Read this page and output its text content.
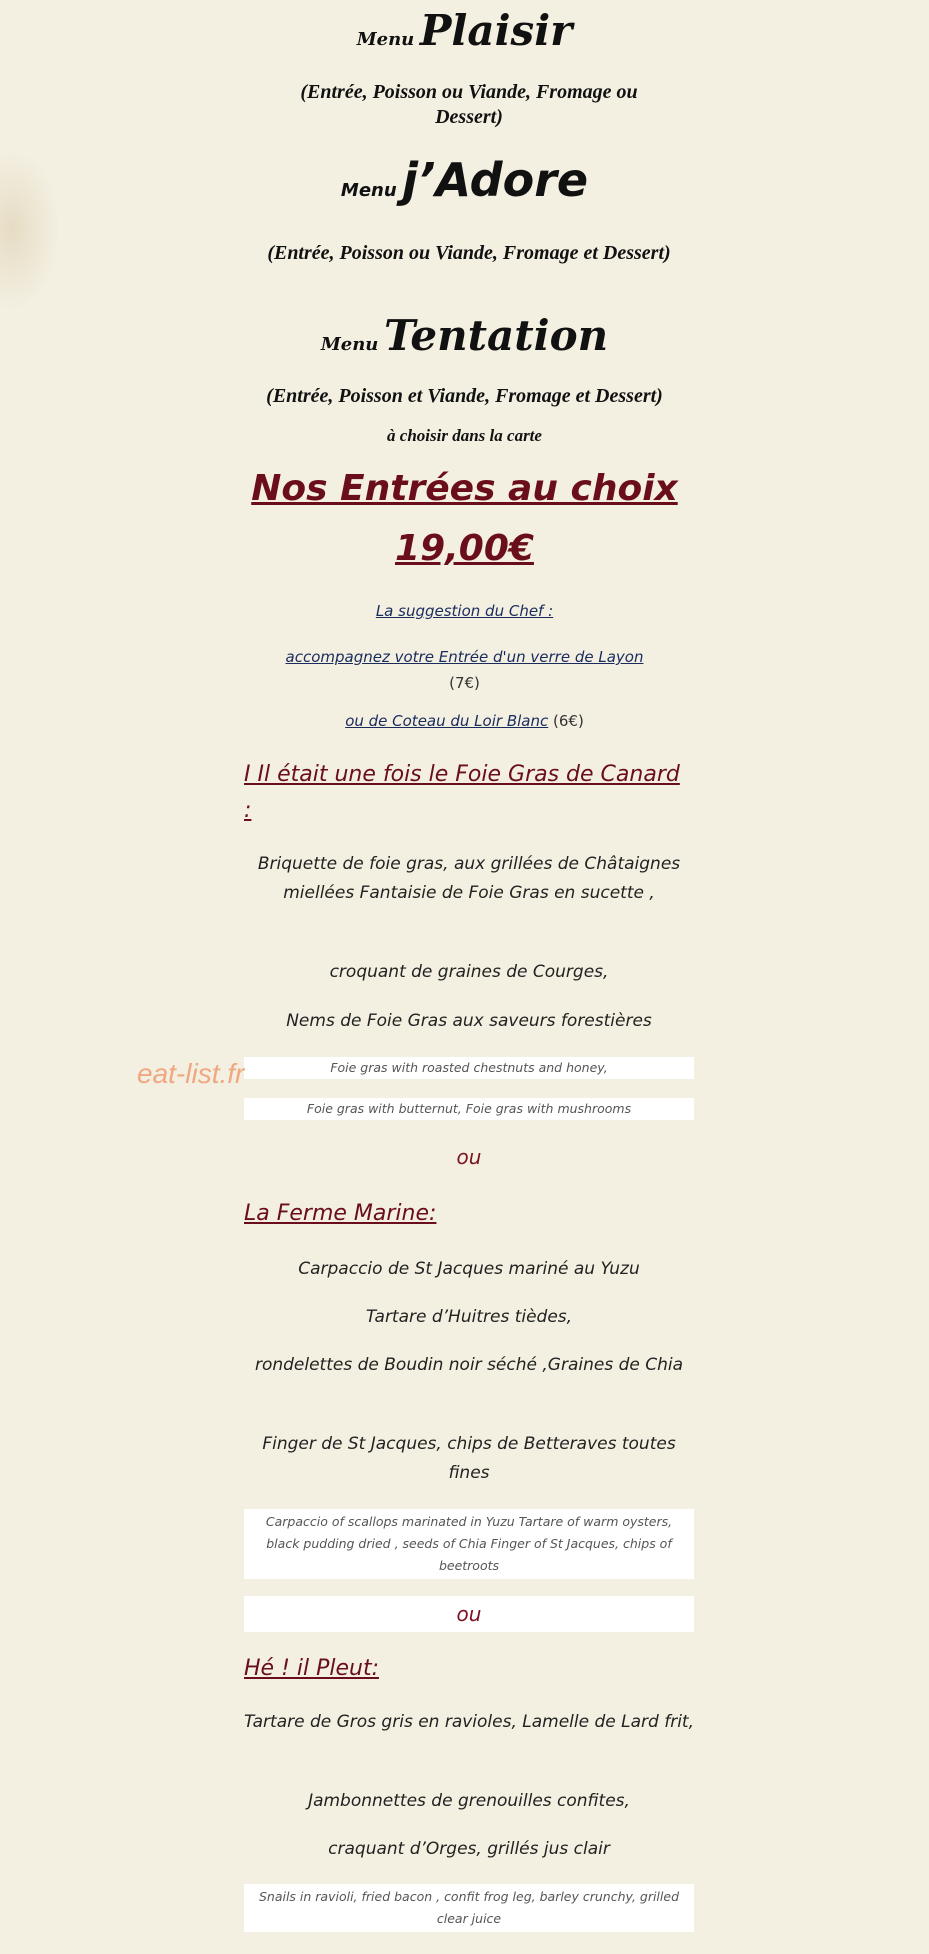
Menu Plaisir
(Entrée, Poisson ou Viande, Fromage ou Dessert)
Menu j’Adore
(Entrée, Poisson ou Viande, Fromage et Dessert)
Menu Tentation
(Entrée, Poisson et Viande, Fromage et Dessert)
à choisir dans la carte
Nos Entrées au choix
19,00€
La suggestion du Chef :
accompagnez votre Entrée d'un verre de Layon
(7€)
ou de Coteau du Loir Blanc (6€)
I Il était une fois le Foie Gras de Canard :
Briquette de foie gras, aux grillées de Châtaignes miellées Fantaisie de Foie Gras en sucette ,
croquant de graines de Courges,
Nems de Foie Gras aux saveurs forestières
Foie gras with roasted chestnuts and honey,
Foie gras with butternut, Foie gras with mushrooms
eat-list.fr
ou
La Ferme Marine:
Carpaccio de St Jacques mariné au Yuzu
Tartare d’Huitres tièdes,
rondelettes de Boudin noir séché ,Graines de Chia
Finger de St Jacques, chips de Betteraves toutes fines
Carpaccio of scallops marinated in Yuzu Tartare of warm oysters, black pudding dried , seeds of Chia Finger of St Jacques, chips of beetroots
ou
Hé ! il Pleut:
Tartare de Gros gris en ravioles, Lamelle de Lard frit,
Jambonnettes de grenouilles confites,
craquant d’Orges, grillés jus clair
Snails in ravioli, fried bacon , confit frog leg, barley crunchy, grilled clear juice
